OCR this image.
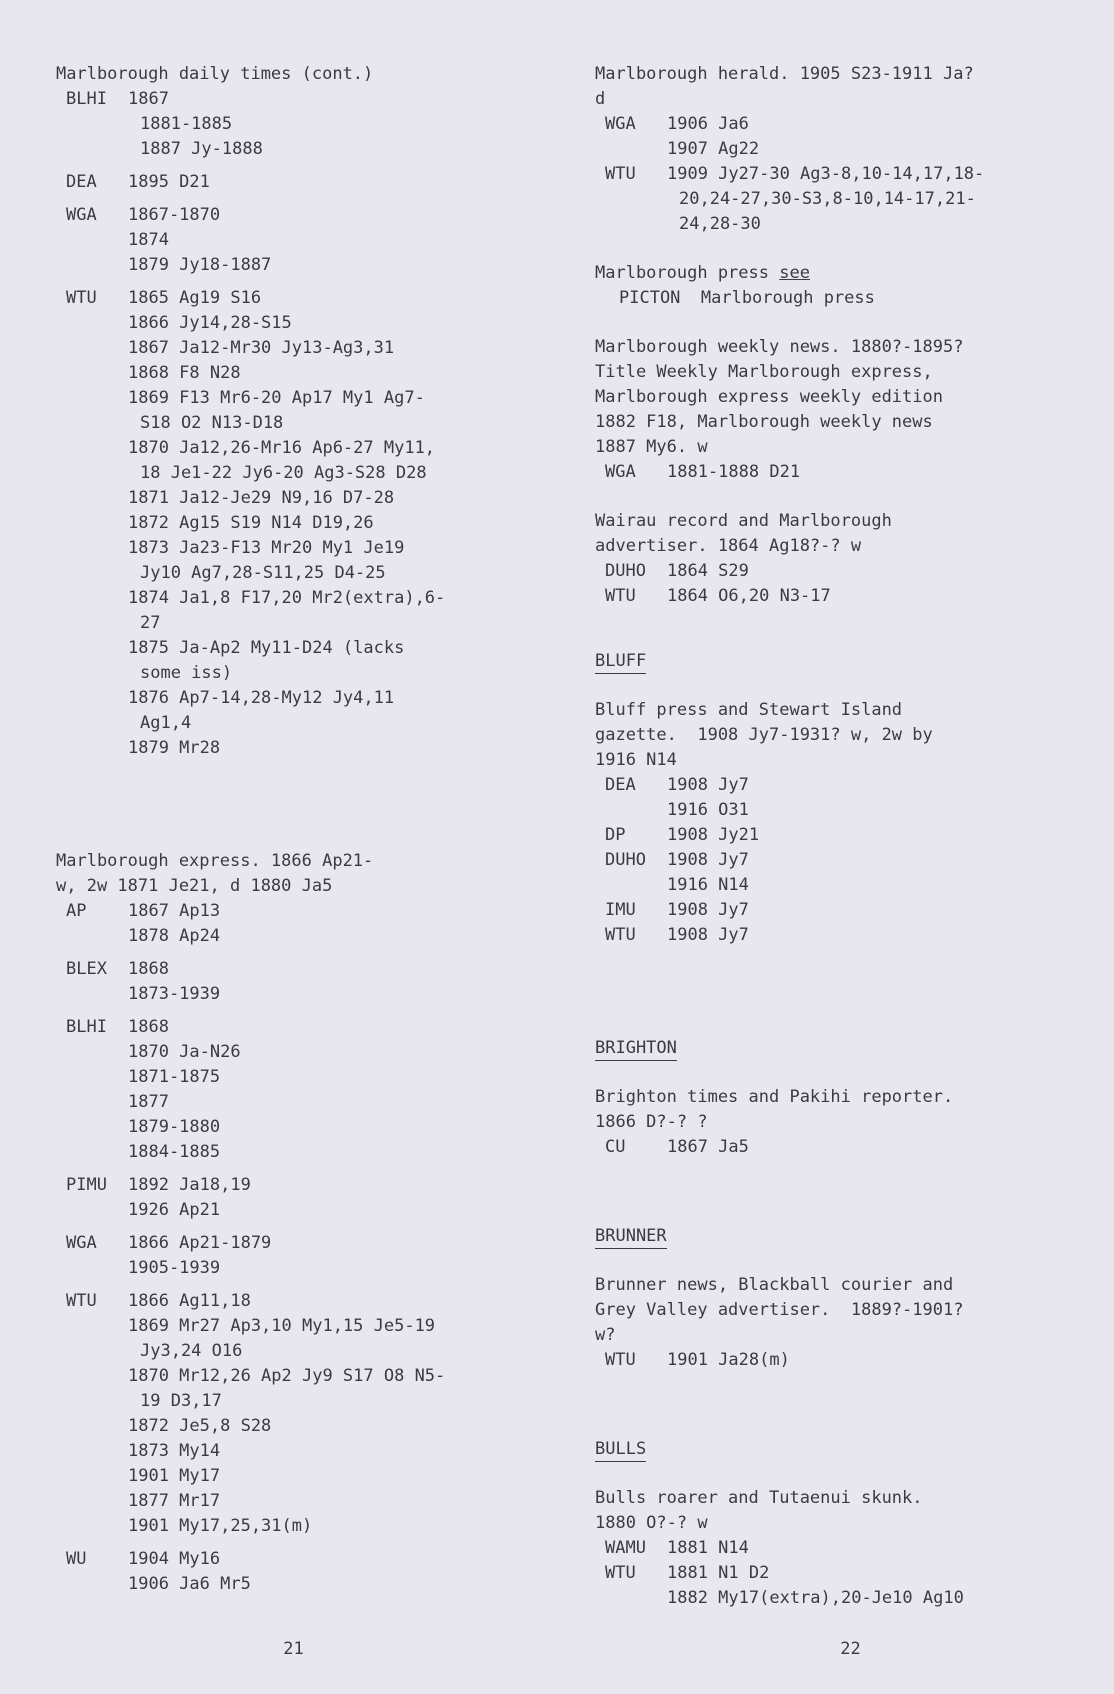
Marlborough daily times (cont.)
BLHI	1867
1881-1885
1887 Jy-1888
DEA	1895 D21
WGA	1867-1870
1874
1879 Jy18-1887
WTU	1865 Ag19 S16
1866 Jy14,28-S15
1867 Ja12-Mr30 Jy13-Ag3,31
1868 F8 N28
1869 F13 Mr6-20 Ap17 My1 Ag7-
S18 O2 N13-D18
1870 Ja12,26-Mr16 Ap6-27 My11,
18 Je1-22 Jy6-20 Ag3-S28 D28
1871 Ja12-Je29 N9,16 D7-28
1872 Ag15 S19 N14 D19,26
1873 Ja23-F13 Mr20 My1 Je19
Jy10 Ag7,28-S11,25 D4-25
1874 Ja1,8 F17,20 Mr2(extra),6-
27
1875 Ja-Ap2 My11-D24 (lacks
some iss)
1876 Ap7-14,28-My12 Jy4,11
Ag1,4
1879 Mr28
Marlborough express. 1866 Ap21-
w, 2w 1871 Je21, d 1880 Ja5
AP	1867 Ap13
1878 Ap24
BLEX	1868
1873-1939
BLHI	1868
1870 Ja-N26
1871-1875
1877
1879-1880
1884-1885
PIMU	1892 Ja18,19
1926 Ap21
WGA	1866 Ap21-1879
1905-1939
WTU	1866 Ag11,18
1869 Mr27 Ap3,10 My1,15 Je5-19
Jy3,24 O16
1870 Mr12,26 Ap2 Jy9 S17 O8 N5-
19 D3,17
1872 Je5,8 S28
1873 My14
1901 My17
1877 Mr17
1901 My17,25,31(m)
WU	1904 My16
1906 Ja6 Mr5
21
Marlborough herald. 1905 S23-1911 Ja?
d
WGA	1906 Ja6
1907 Ag22
WTU	1909 Jy27-30 Ag3-8,10-14,17,18-
20,24-27,30-S3,8-10,14-17,21-
24,28-30
Marlborough press see
PICTON  Marlborough press
Marlborough weekly news. 1880?-1895?
Title Weekly Marlborough express,
Marlborough express weekly edition
1882 F18, Marlborough weekly news
1887 My6. w
WGA	1881-1888 D21
Wairau record and Marlborough
advertiser. 1864 Ag18?-? w
DUHO	1864 S29
WTU	1864 O6,20 N3-17
BLUFF
Bluff press and Stewart Island
gazette.  1908 Jy7-1931? w, 2w by
1916 N14
DEA	1908 Jy7
1916 O31
DP	1908 Jy21
DUHO	1908 Jy7
1916 N14
IMU	1908 Jy7
WTU	1908 Jy7
BRIGHTON
Brighton times and Pakihi reporter.
1866 D?-? ?
CU	1867 Ja5
BRUNNER
Brunner news, Blackball courier and
Grey Valley advertiser.  1889?-1901?
w?
WTU	1901 Ja28(m)
BULLS
Bulls roarer and Tutaenui skunk.
1880 O?-? w
WAMU	1881 N14
WTU	1881 N1 D2
1882 My17(extra),20-Je10 Ag10
22
